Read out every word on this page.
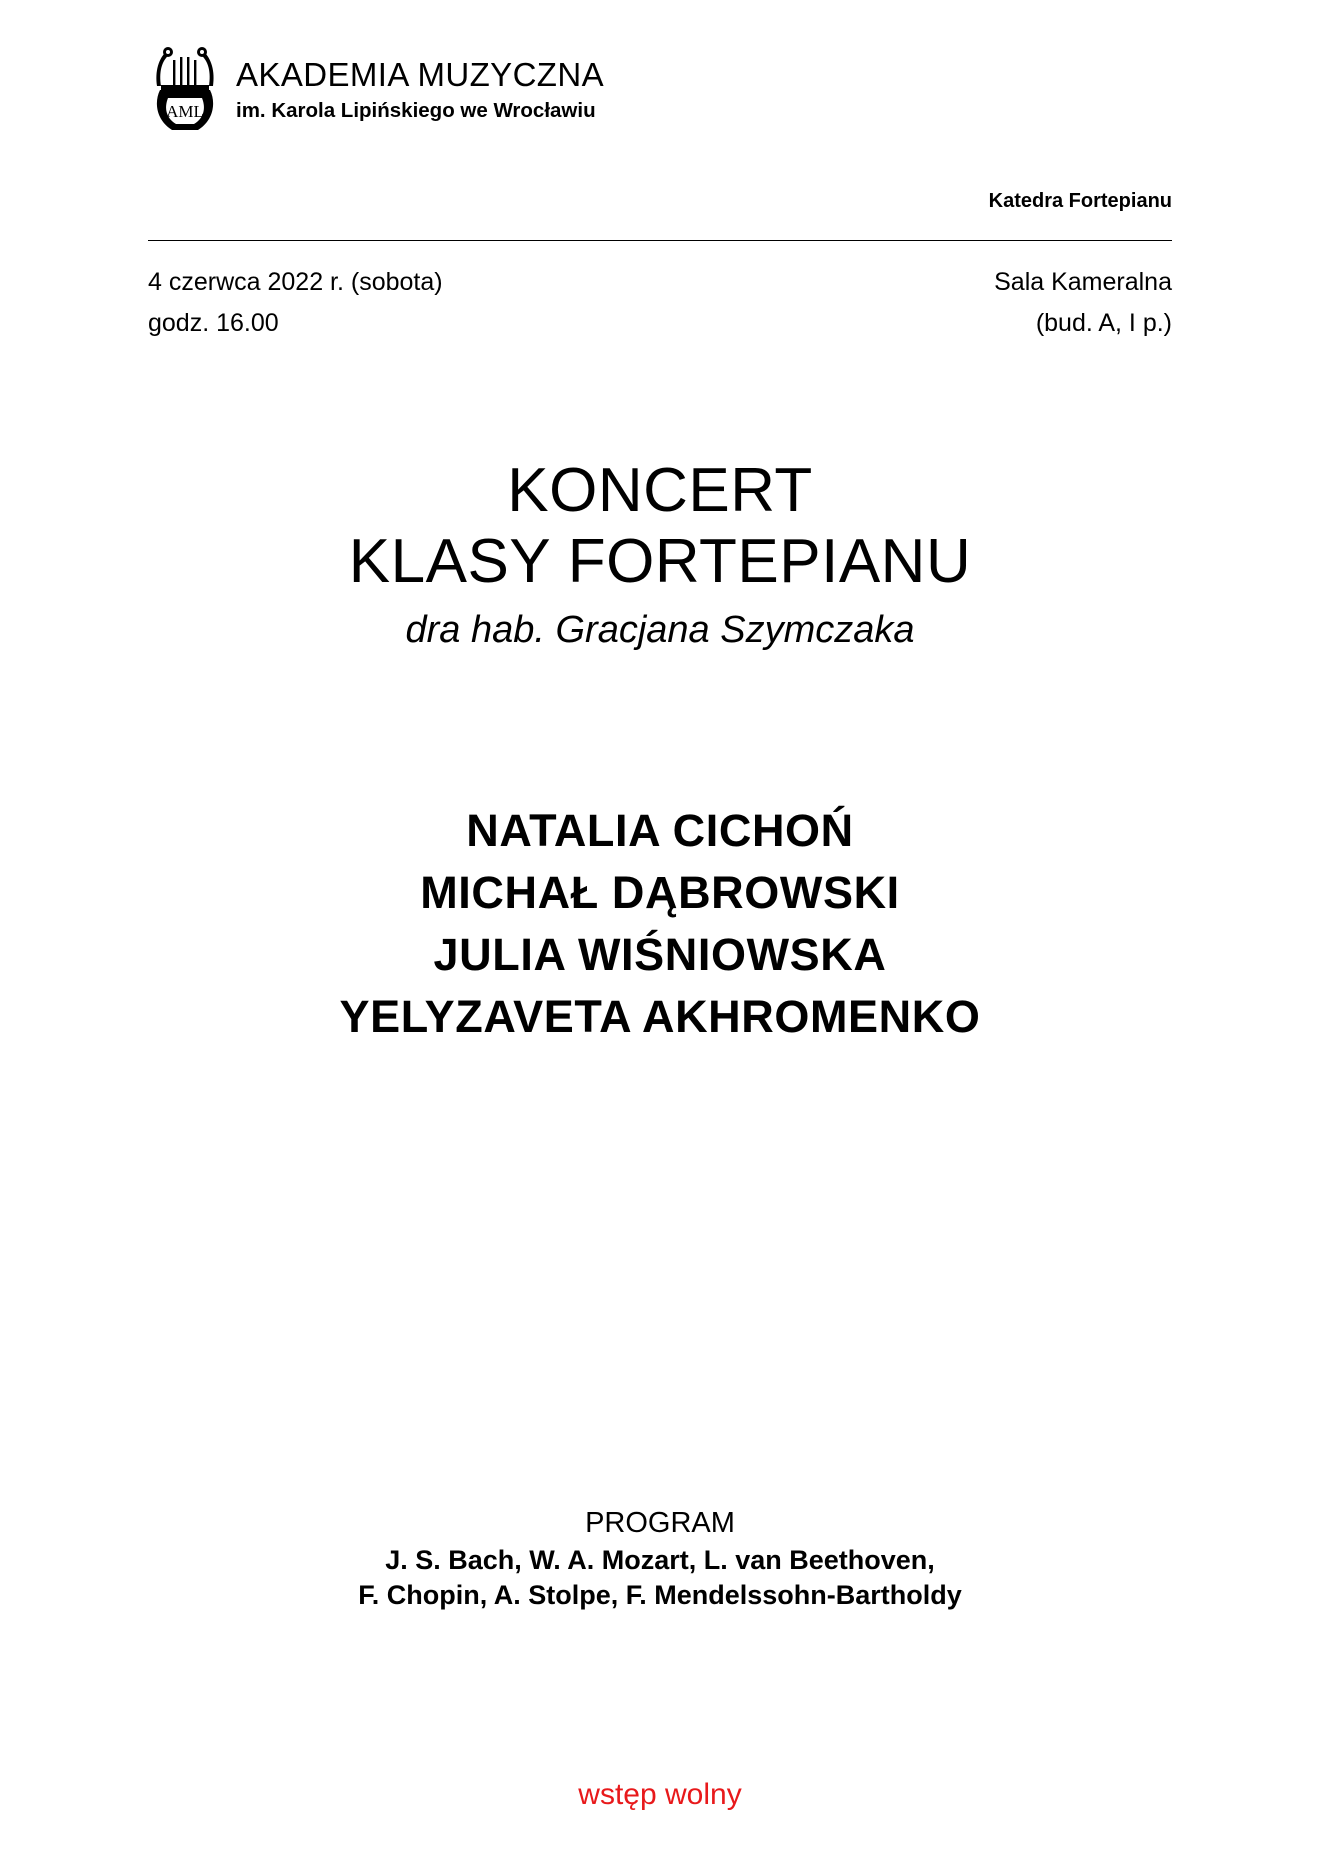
AML
AKADEMIA MUZYCZNA
im. Karola Lipińskiego we Wrocławiu
Katedra Fortepianu
4 czerwca 2022 r. (sobota)	Sala Kameralna
godz. 16.00	(bud. A, I p.)
KONCERT
KLASY FORTEPIANU
dra hab. Gracjana Szymczaka
NATALIA CICHOŃ
MICHAŁ DĄBROWSKI
JULIA WIŚNIOWSKA
YELYZAVETA AKHROMENKO
PROGRAM
J. S. Bach, W. A. Mozart, L. van Beethoven,
F. Chopin, A. Stolpe, F. Mendelssohn-Bartholdy
wstęp wolny
